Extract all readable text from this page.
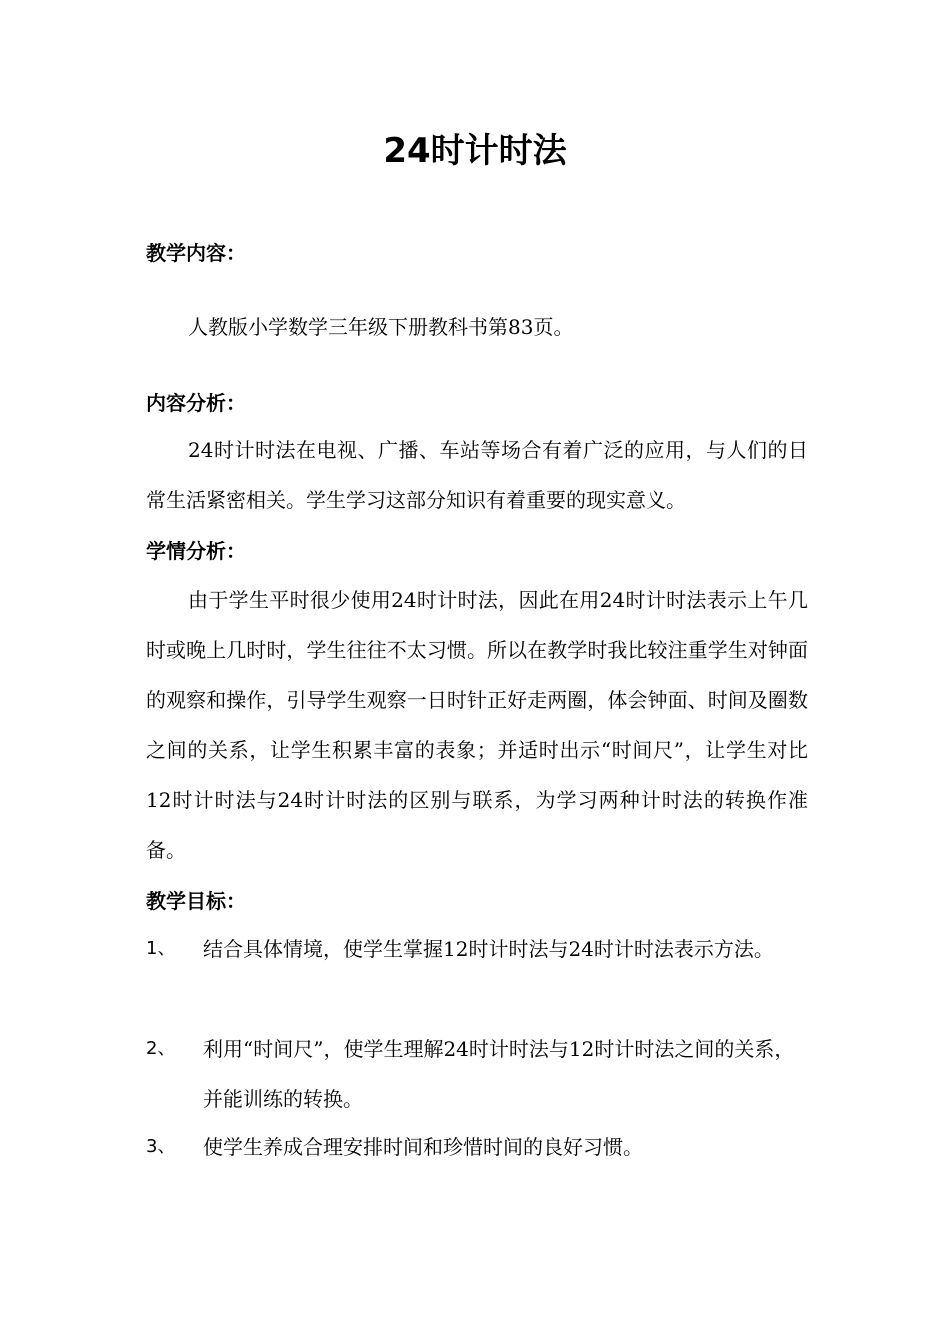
24时计时法
教学内容：
人教版小学数学三年级下册教科书第83页。
内容分析：

24时计时法在电视、广播、车站等场合有着广泛的应用，与人们的日常生活紧密相关。学生学习这部分知识有着重要的现实意义。

学情分析：

由于学生平时很少使用24时计时法，因此在用24时计时法表示上午几时或晚上几时时，学生往往不太习惯。所以在教学时我比较注重学生对钟面的观察和操作，引导学生观察一日时针正好走两圈，体会钟面、时间及圈数之间的关系，让学生积累丰富的表象；并适时出示“时间尺”，让学生对比12时计时法与24时计时法的区别与联系，为学习两种计时法的转换作准备。

教学目标：
1、 结合具体情境，使学生掌握12时计时法与24时计时法表示方法。
2、 利用“时间尺”，使学生理解24时计时法与12时计时法之间的关系，并能训练的转换。
3、 使学生养成合理安排时间和珍惜时间的良好习惯。
